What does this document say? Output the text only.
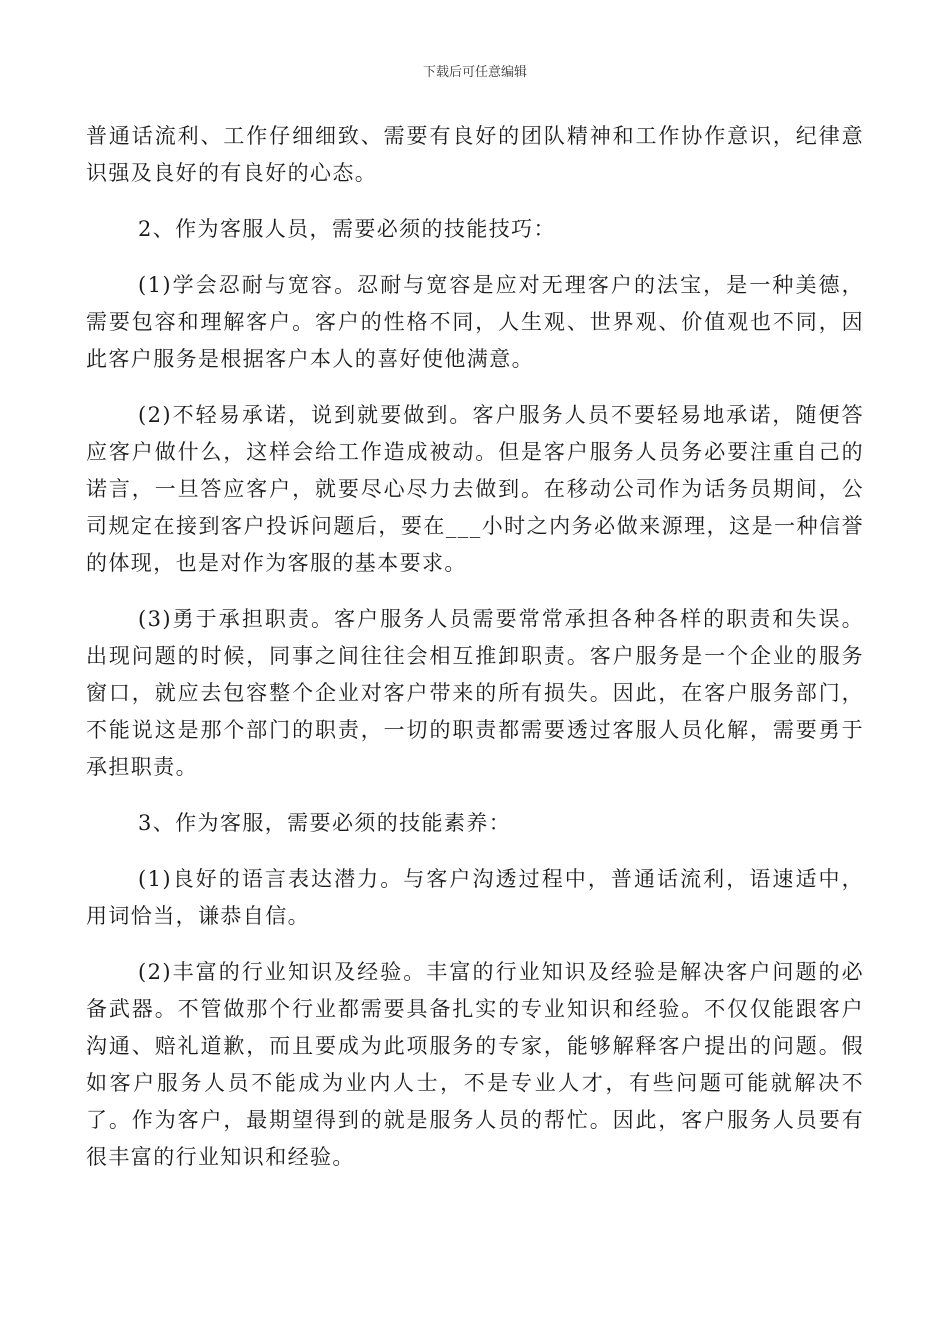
下载后可任意编辑

普通话流利、工作仔细细致、需要有良好的团队精神和工作协作意识，纪律意识强及良好的有良好的心态。

2、作为客服人员，需要必须的技能技巧：

(1)学会忍耐与宽容。忍耐与宽容是应对无理客户的法宝，是一种美德，需要包容和理解客户。客户的性格不同，人生观、世界观、价值观也不同，因此客户服务是根据客户本人的喜好使他满意。

(2)不轻易承诺，说到就要做到。客户服务人员不要轻易地承诺，随便答应客户做什么，这样会给工作造成被动。但是客户服务人员务必要注重自己的诺言，一旦答应客户，就要尽心尽力去做到。在移动公司作为话务员期间，公司规定在接到客户投诉问题后，要在___小时之内务必做来源理，这是一种信誉的体现，也是对作为客服的基本要求。

(3)勇于承担职责。客户服务人员需要常常承担各种各样的职责和失误。出现问题的时候，同事之间往往会相互推卸职责。客户服务是一个企业的服务窗口，就应去包容整个企业对客户带来的所有损失。因此，在客户服务部门，不能说这是那个部门的职责，一切的职责都需要透过客服人员化解，需要勇于承担职责。

3、作为客服，需要必须的技能素养：

(1)良好的语言表达潜力。与客户沟透过程中，普通话流利，语速适中，用词恰当，谦恭自信。

(2)丰富的行业知识及经验。丰富的行业知识及经验是解决客户问题的必备武器。不管做那个行业都需要具备扎实的专业知识和经验。不仅仅能跟客户沟通、赔礼道歉，而且要成为此项服务的专家，能够解释客户提出的问题。假如客户服务人员不能成为业内人士，不是专业人才，有些问题可能就解决不了。作为客户，最期望得到的就是服务人员的帮忙。因此，客户服务人员要有很丰富的行业知识和经验。
